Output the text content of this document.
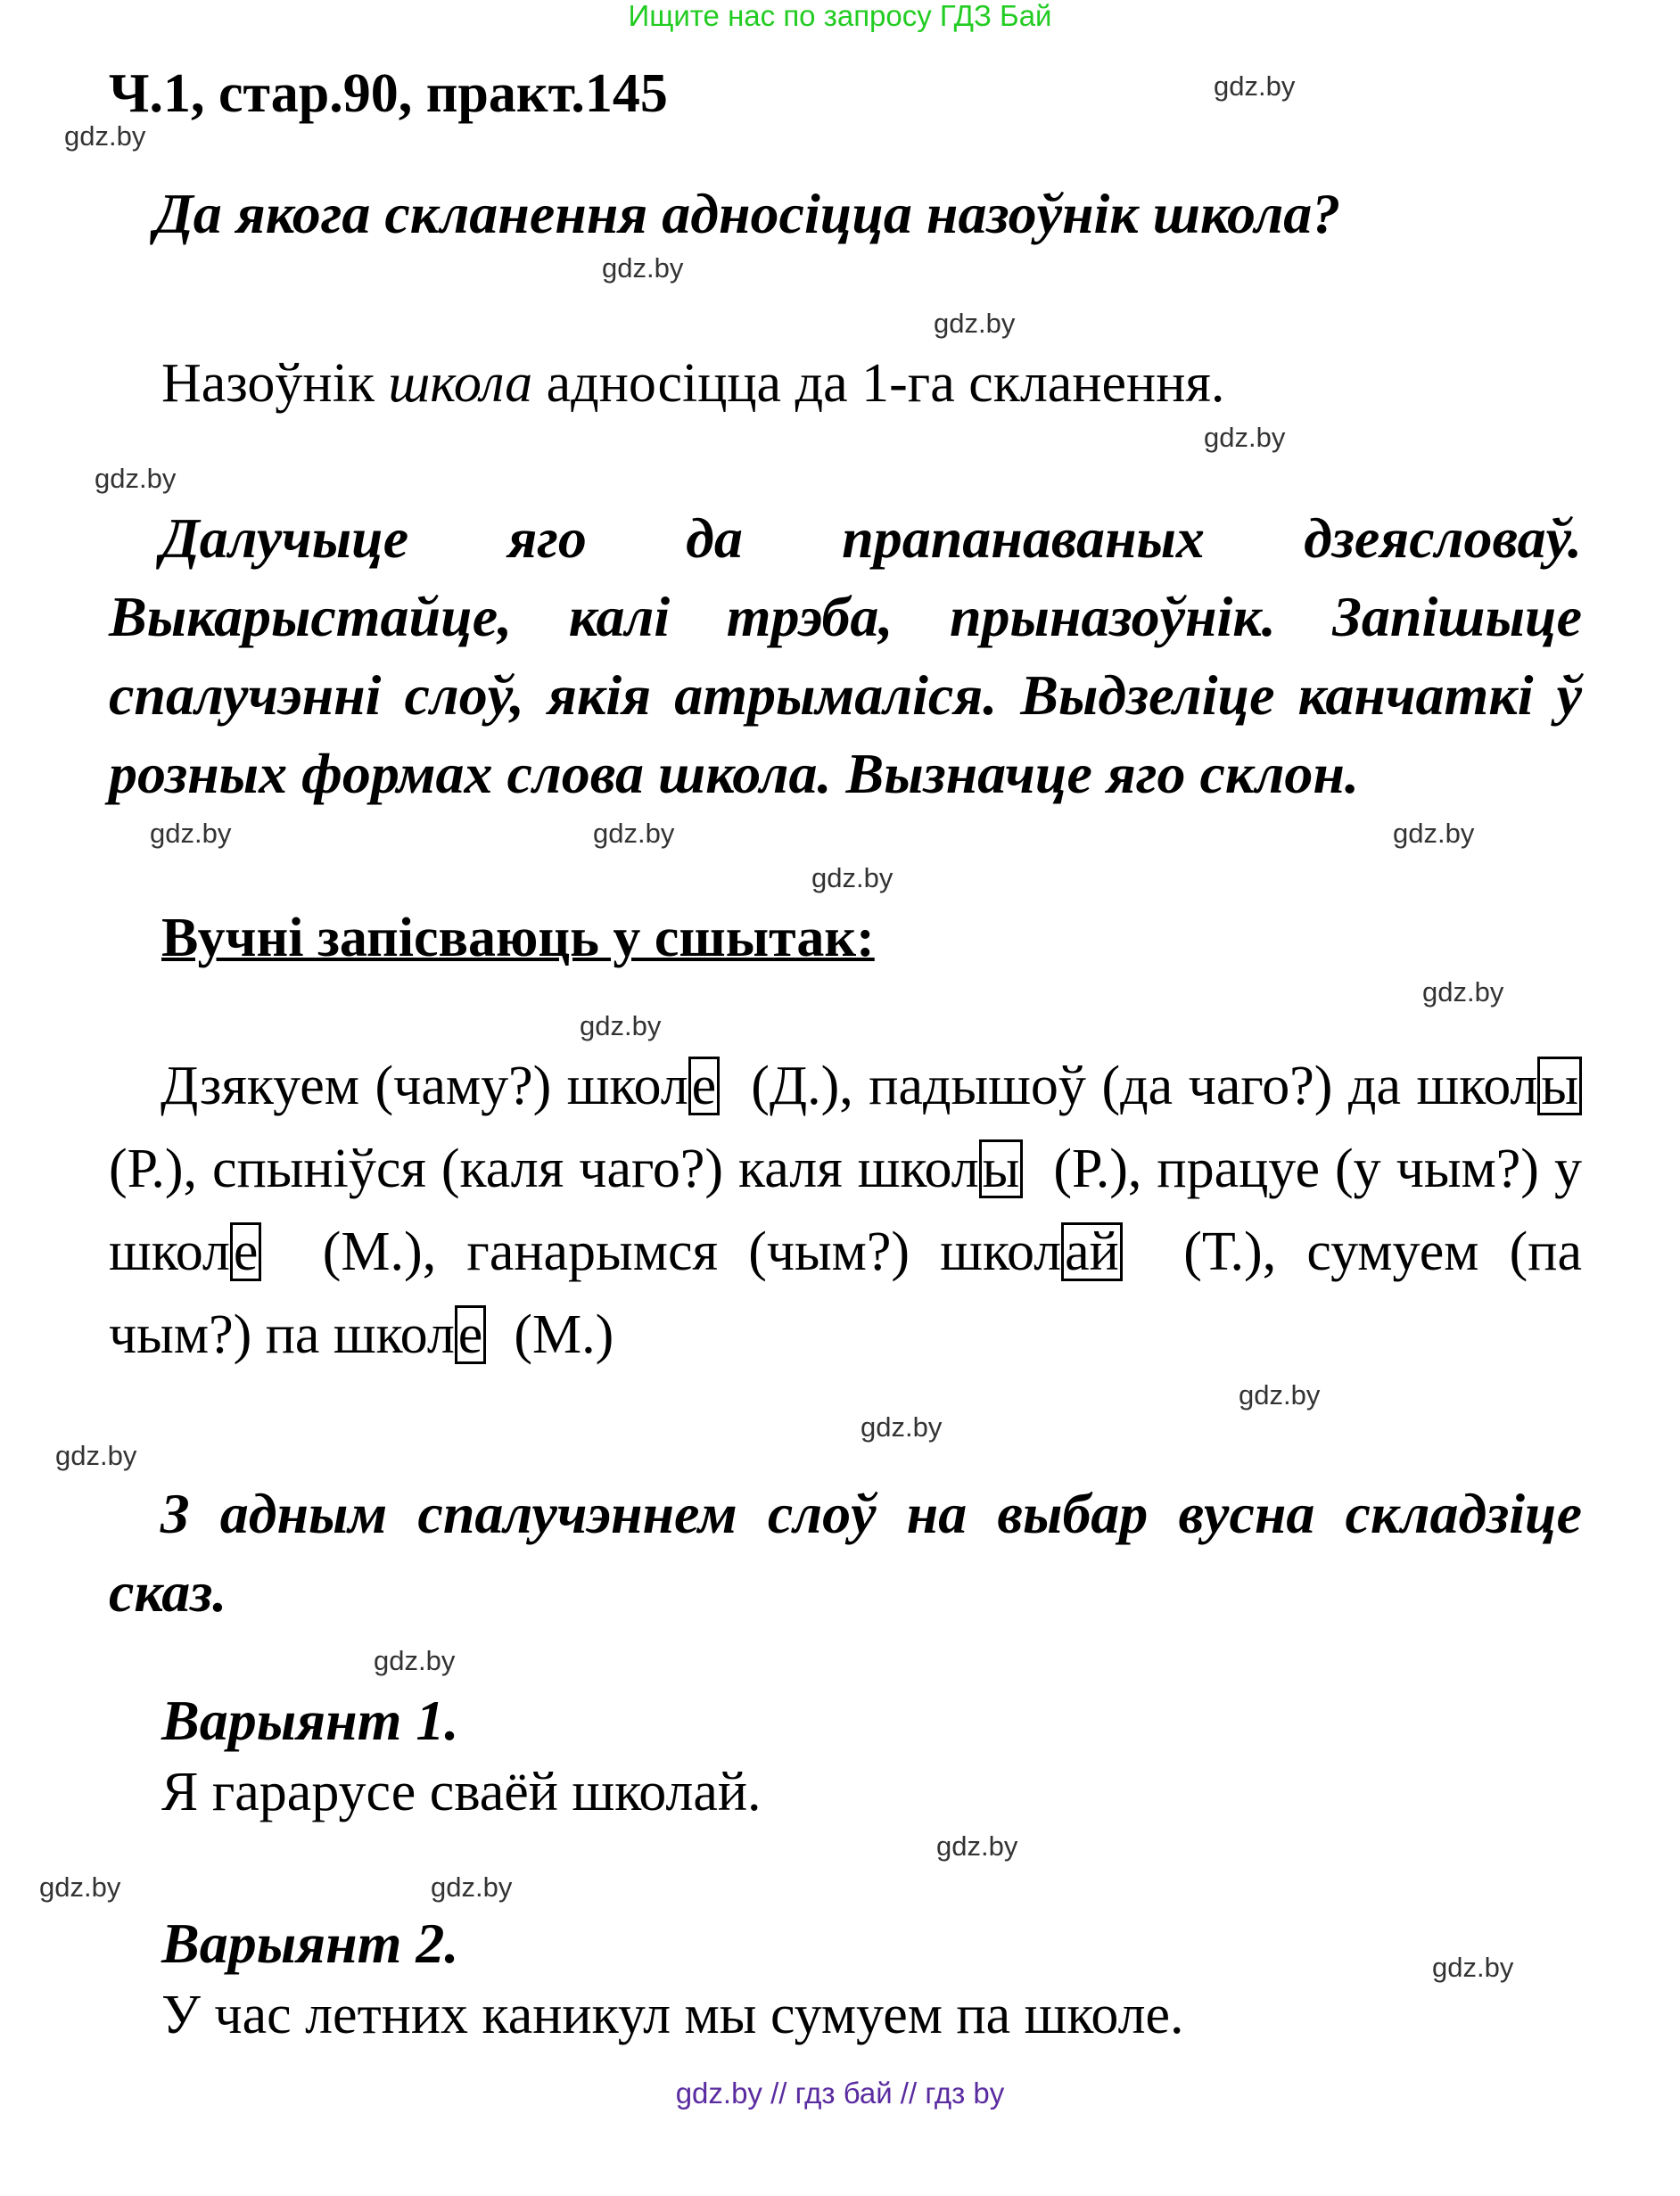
Ищите нас по запросу ГДЗ Бай
Ч.1, стар.90, практ.145	gdz.by
gdz.by
Да якога скланення адносіцца назоўнік школа?
gdz.by
gdz.by
Назоўнік школа адносіцца да 1-га скланення.
gdz.by
gdz.by
Далучыце яго да прапанаваных дзеясловаў. Выкарыстайце, калі трэба, прыназоўнік. Запішыце спалучэнні слоў, якія атрымаліся. Выдзеліце канчаткі ў розных формах слова школа. Вызначце яго склон.
gdz.by	gdz.by	gdz.by
gdz.by
Вучні запісваюць у сшытак:
gdz.by
gdz.by
Дзякуем (чаму?) школе  (Д.), падышоў (да чаго?) да школы (Р.), спыніўся (каля чаго?) каля школы  (Р.), працуе (у чым?) у школе  (М.), ганарымся (чым?) школай  (Т.), сумуем (па чым?) па школе  (М.)
gdz.by
gdz.by
gdz.by
З адным спалучэннем слоў на выбар вусна складзіце сказ.
gdz.by
Варыянт 1.
Я гарарусе сваёй школай.
gdz.by
gdz.by	gdz.by
Варыянт 2.
У час летних каникул мы сумуем па школе.
gdz.by
gdz.by // гдз бай // гдз by
